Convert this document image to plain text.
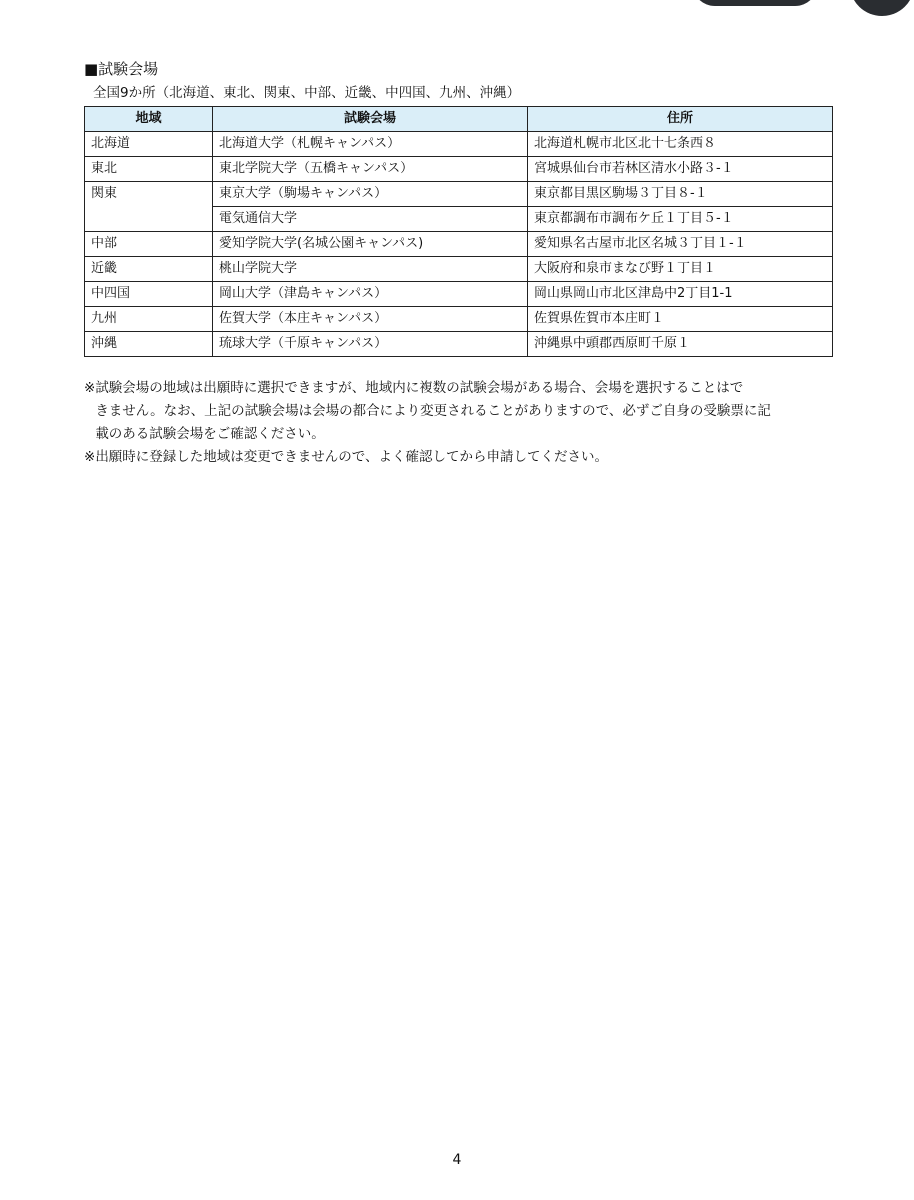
■試験会場
全国9か所（北海道、東北、関東、中部、近畿、中四国、九州、沖縄）
地域	試験会場	住所
北海道	北海道大学（札幌キャンパス）	北海道札幌市北区北十七条西８
東北	東北学院大学（五橋キャンパス）	宮城県仙台市若林区清水小路３-１
関東	東京大学（駒場キャンパス）	東京都目黒区駒場３丁目８-１
	電気通信大学	東京都調布市調布ケ丘１丁目５-１
中部	愛知学院大学(名城公園キャンパス)	愛知県名古屋市北区名城３丁目１-１
近畿	桃山学院大学	大阪府和泉市まなび野１丁目１
中四国	岡山大学（津島キャンパス）	岡山県岡山市北区津島中2丁目1-1
九州	佐賀大学（本庄キャンパス）	佐賀県佐賀市本庄町１
沖縄	琉球大学（千原キャンパス）	沖縄県中頭郡西原町千原１
※ 試験会場の地域は出願時に選択できますが、地域内に複数の試験会場がある場合、会場を選択することはで
きません。なお、上記の試験会場は会場の都合により変更されることがありますので、必ずご自身の受験票に記
載のある試験会場をご確認ください。
※ 出願時に登録した地域は変更できませんので、よく確認してから申請してください。
4
